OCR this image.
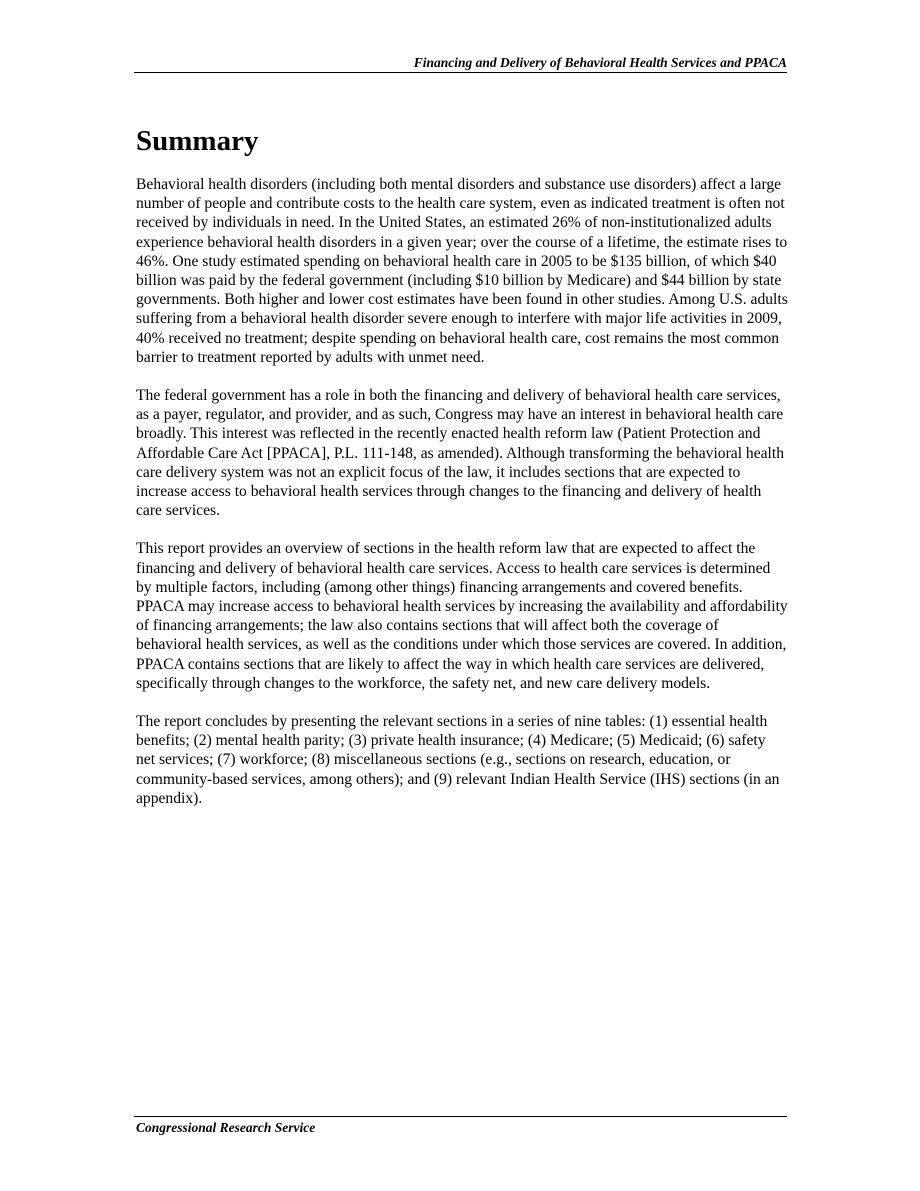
Financing and Delivery of Behavioral Health Services and PPACA
Summary

Behavioral health disorders (including both mental disorders and substance use disorders) affect a large number of people and contribute costs to the health care system, even as indicated treatment is often not received by individuals in need. In the United States, an estimated 26% of non-institutionalized adults experience behavioral health disorders in a given year; over the course of a lifetime, the estimate rises to 46%. One study estimated spending on behavioral health care in 2005 to be $135 billion, of which $40 billion was paid by the federal government (including $10 billion by Medicare) and $44 billion by state governments. Both higher and lower cost estimates have been found in other studies. Among U.S. adults suffering from a behavioral health disorder severe enough to interfere with major life activities in 2009, 40% received no treatment; despite spending on behavioral health care, cost remains the most common barrier to treatment reported by adults with unmet need.

The federal government has a role in both the financing and delivery of behavioral health care services, as a payer, regulator, and provider, and as such, Congress may have an interest in behavioral health care broadly. This interest was reflected in the recently enacted health reform law (Patient Protection and Affordable Care Act [PPACA], P.L. 111-148, as amended). Although transforming the behavioral health care delivery system was not an explicit focus of the law, it includes sections that are expected to increase access to behavioral health services through changes to the financing and delivery of health care services.

This report provides an overview of sections in the health reform law that are expected to affect the financing and delivery of behavioral health care services. Access to health care services is determined by multiple factors, including (among other things) financing arrangements and covered benefits. PPACA may increase access to behavioral health services by increasing the availability and affordability of financing arrangements; the law also contains sections that will affect both the coverage of behavioral health services, as well as the conditions under which those services are covered. In addition, PPACA contains sections that are likely to affect the way in which health care services are delivered, specifically through changes to the workforce, the safety net, and new care delivery models.

The report concludes by presenting the relevant sections in a series of nine tables: (1) essential health benefits; (2) mental health parity; (3) private health insurance; (4) Medicare; (5) Medicaid; (6) safety net services; (7) workforce; (8) miscellaneous sections (e.g., sections on research, education, or community-based services, among others); and (9) relevant Indian Health Service (IHS) sections (in an appendix).

Congressional Research Service
